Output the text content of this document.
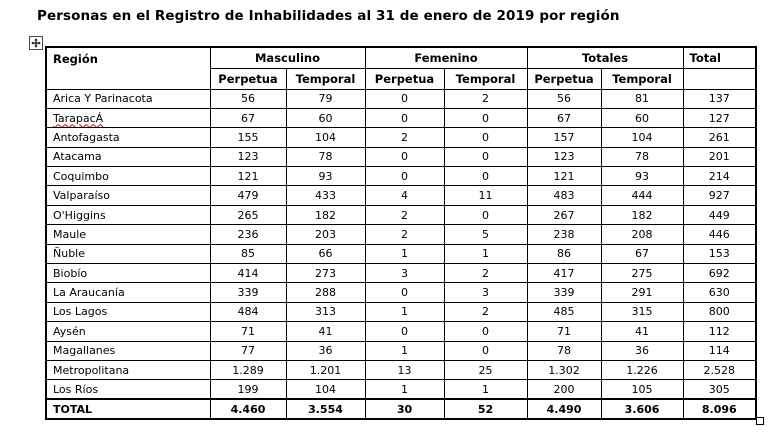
Personas en el Registro de Inhabilidades al 31 de enero de 2019 por región
Región	Masculino		Femenino		Totales		Total
	Perpetua	Temporal	Perpetua	Temporal	Perpetua	Temporal	
Arica Y Parinacota	56	79	0	2	56	81	137
TarapacÁ	67	60	0	0	67	60	127
Antofagasta	155	104	2	0	157	104	261
Atacama	123	78	0	0	123	78	201
Coquimbo	121	93	0	0	121	93	214
Valparaíso	479	433	4	11	483	444	927
O'Higgins	265	182	2	0	267	182	449
Maule	236	203	2	5	238	208	446
Ñuble	85	66	1	1	86	67	153
Biobío	414	273	3	2	417	275	692
La Araucanía	339	288	0	3	339	291	630
Los Lagos	484	313	1	2	485	315	800
Aysén	71	41	0	0	71	41	112
Magallanes	77	36	1	0	78	36	114
Metropolitana	1.289	1.201	13	25	1.302	1.226	2.528
Los Ríos	199	104	1	1	200	105	305
TOTAL	4.460	3.554	30	52	4.490	3.606	8.096
